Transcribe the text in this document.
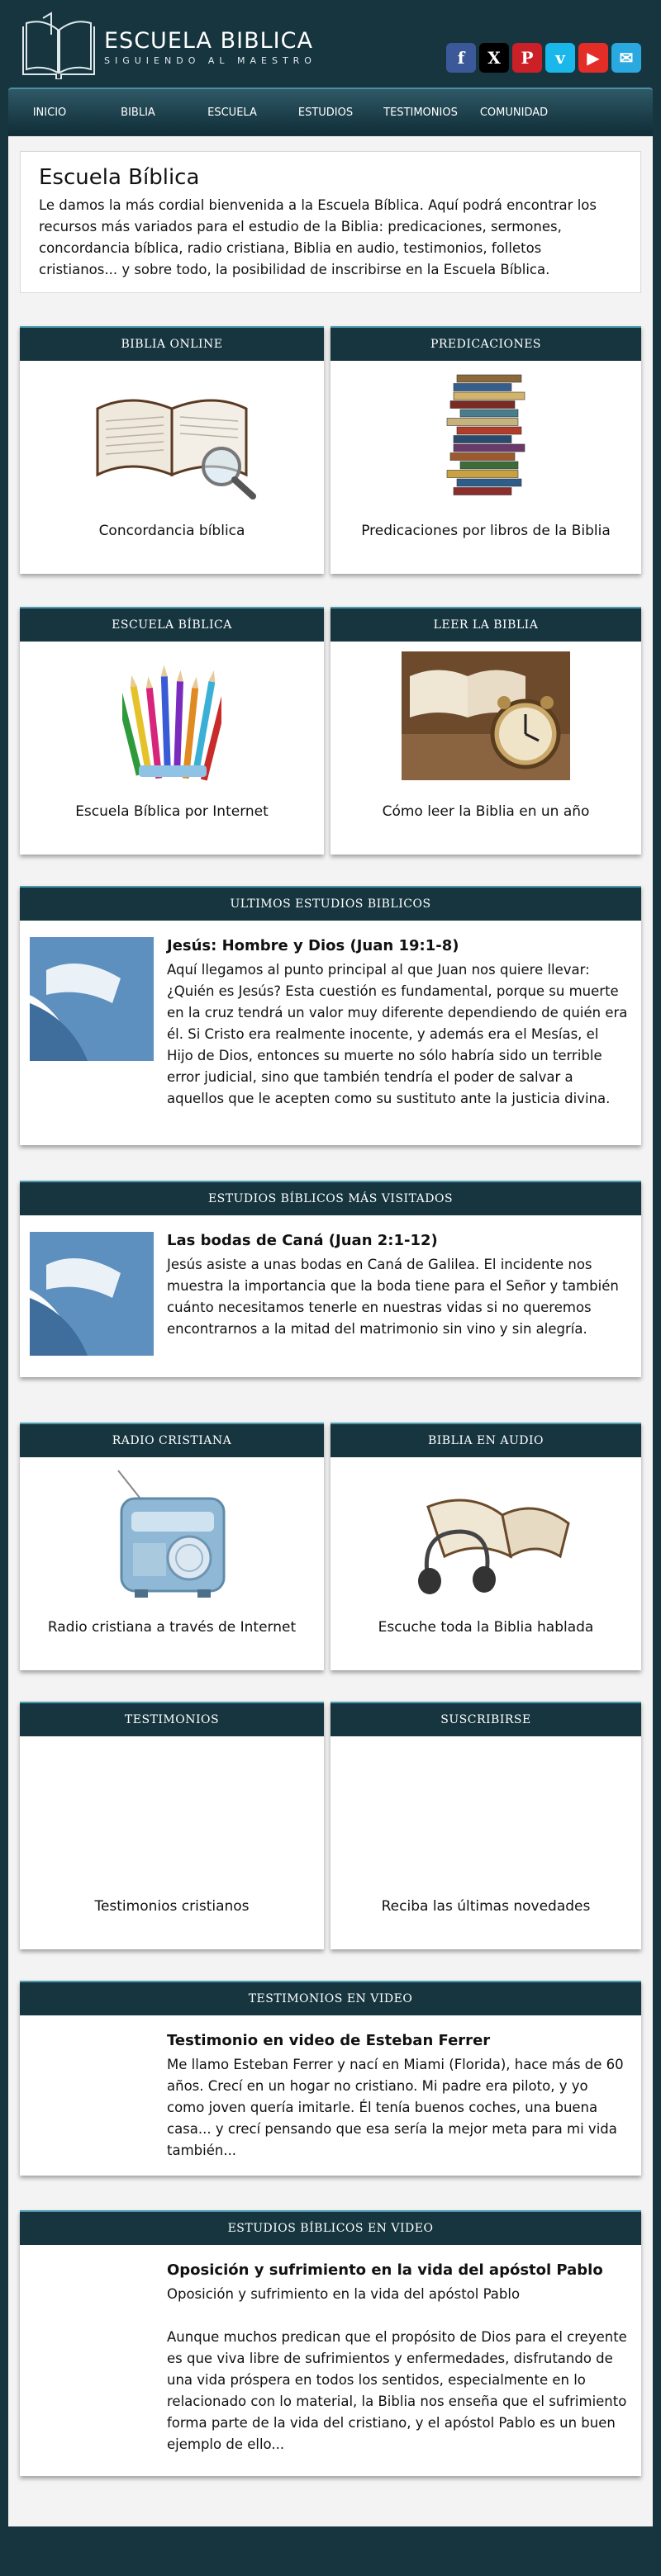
ESCUELA BIBLICA
SIGUIENDO AL MAESTRO	f	X	P	v	▶	✉
INICIO	BIBLIA	ESCUELA	ESTUDIOS	TESTIMONIOS	COMUNIDAD
Escuela Bíblica

Le damos la más cordial bienvenida a la Escuela Bíblica. Aquí podrá encontrar los recursos más variados para el estudio de la Biblia: predicaciones, sermones, concordancia bíblica, radio cristiana, Biblia en audio, testimonios, folletos cristianos... y sobre todo, la posibilidad de inscribirse en la Escuela Bíblica.

BIBLIA ONLINE
Concordancia bíblica
PREDICACIONES
Predicaciones por libros de la Biblia
ESCUELA BÍBLICA
Escuela Bíblica por Internet
LEER LA BIBLIA
Cómo leer la Biblia en un año
ULTIMOS ESTUDIOS BIBLICOS
Jesús: Hombre y Dios (Juan 19:1-8)

Aquí llegamos al punto principal al que Juan nos quiere llevar: ¿Quién es Jesús? Esta cuestión es fundamental, porque su muerte en la cruz tendrá un valor muy diferente dependiendo de quién era él. Si Cristo era realmente inocente, y además era el Mesías, el Hijo de Dios, entonces su muerte no sólo habría sido un terrible error judicial, sino que también tendría el poder de salvar a aquellos que le acepten como su sustituto ante la justicia divina.

ESTUDIOS BÍBLICOS MÁS VISITADOS
Las bodas de Caná (Juan 2:1-12)

Jesús asiste a unas bodas en Caná de Galilea. El incidente nos muestra la importancia que la boda tiene para el Señor y también cuánto necesitamos tenerle en nuestras vidas si no queremos encontrarnos a la mitad del matrimonio sin vino y sin alegría.

RADIO CRISTIANA
Radio cristiana a través de Internet
BIBLIA EN AUDIO
Escuche toda la Biblia hablada
TESTIMONIOS
Testimonios cristianos
SUSCRIBIRSE
Reciba las últimas novedades
TESTIMONIOS EN VIDEO
Testimonio en video de Esteban Ferrer

Me llamo Esteban Ferrer y nací en Miami (Florida), hace más de 60 años. Crecí en un hogar no cristiano. Mi padre era piloto, y yo como joven quería imitarle. Él tenía buenos coches, una buena casa... y crecí pensando que esa sería la mejor meta para mi vida también...

ESTUDIOS BÍBLICOS EN VIDEO
Oposición y sufrimiento en la vida del apóstol Pablo

Oposición y sufrimiento en la vida del apóstol Pablo

Aunque muchos predican que el propósito de Dios para el creyente es que viva libre de sufrimientos y enfermedades, disfrutando de una vida próspera en todos los sentidos, especialmente en lo relacionado con lo material, la Biblia nos enseña que el sufrimiento forma parte de la vida del cristiano, y el apóstol Pablo es un buen ejemplo de ello...
